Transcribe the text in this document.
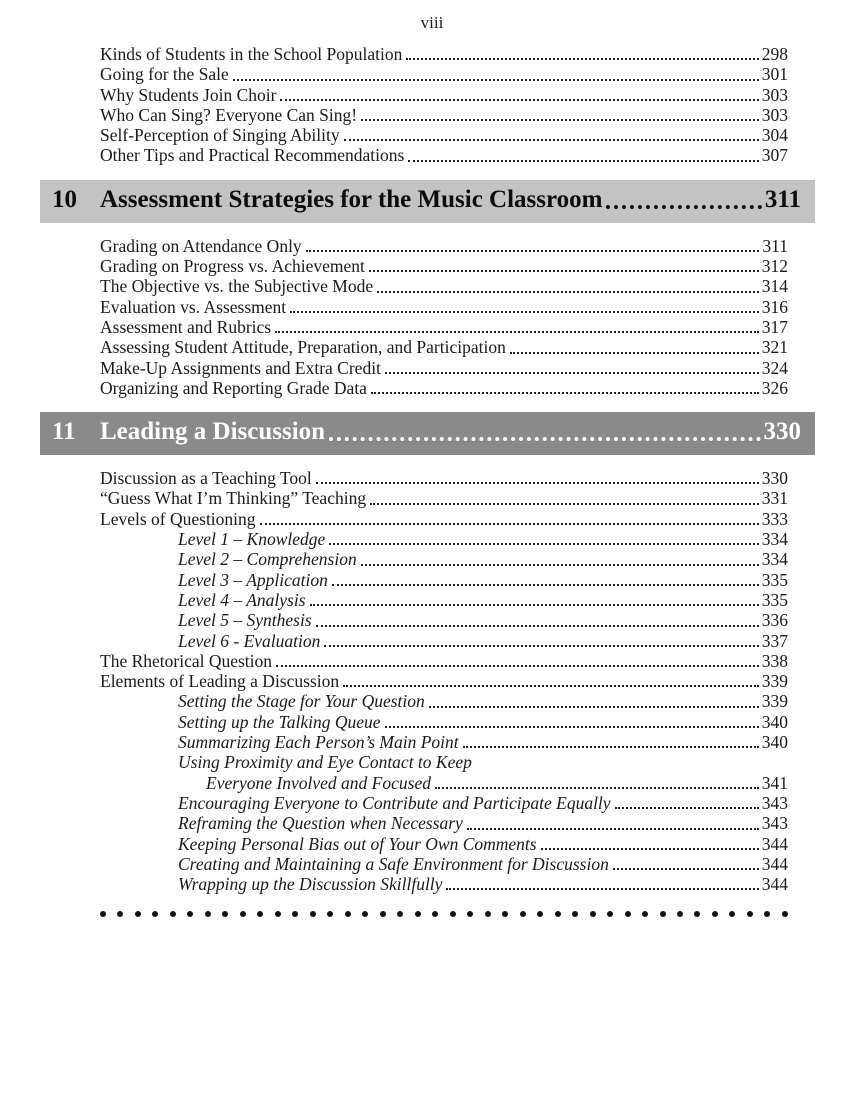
viii
Kinds of Students in the School Population	298
Going for the Sale	301
Why Students Join Choir	303
Who Can Sing? Everyone Can Sing!	303
Self-Perception of Singing Ability	304
Other Tips and Practical Recommendations	307
10 Assessment Strategies for the Music Classroom	311
Grading on Attendance Only	311
Grading on Progress vs. Achievement	312
The Objective vs. the Subjective Mode	314
Evaluation vs. Assessment	316
Assessment and Rubrics	317
Assessing Student Attitude, Preparation, and Participation	321
Make-Up Assignments and Extra Credit	324
Organizing and Reporting Grade Data	326
11 Leading a Discussion	330
Discussion as a Teaching Tool	330
“Guess What I’m Thinking” Teaching	331
Levels of Questioning	333
Level 1 – Knowledge	334
Level 2 – Comprehension	334
Level 3 – Application	335
Level 4 – Analysis	335
Level 5 – Synthesis	336
Level 6 - Evaluation	337
The Rhetorical Question	338
Elements of Leading a Discussion	339
Setting the Stage for Your Question	339
Setting up the Talking Queue	340
Summarizing Each Person’s Main Point	340
Using Proximity and Eye Contact to Keep
Everyone Involved and Focused	341
Encouraging Everyone to Contribute and Participate Equally	343
Reframing the Question when Necessary	343
Keeping Personal Bias out of Your Own Comments	344
Creating and Maintaining a Safe Environment for Discussion	344
Wrapping up the Discussion Skillfully	344
